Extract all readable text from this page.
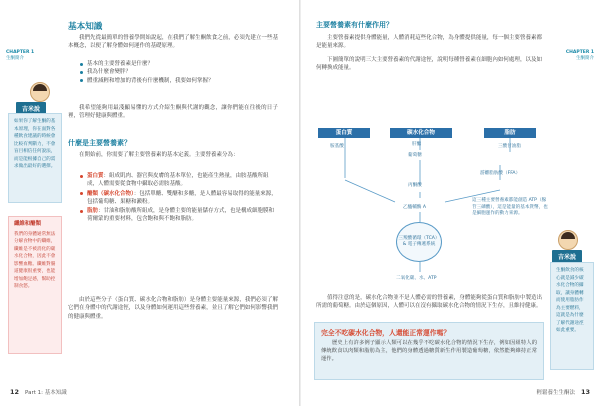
CHAPTER 1
生酮簡介
吉米說
如果你了解生酮的基本原理，你在面對各種飲食建議的時候會比較有判斷力，不會盲目相信任何說法，而是能根據自己的需求做出最好的選擇。
纖維和醣類
我們的身體通常無法分解食物中的纖維，纖維是不被消化的碳水化合物，因此不會影響血糖。纖維對腸道健康很重要，也能增加飽足感，幫助控制食慾。
基本知識

我們先從最簡單的營養學開始說起，在我們了解生酮飲食之前，必須先建立一些基本概念，以便了解身體如何運作的基礎原理。

基本的主要營養素是什麼？
我為什麼會變胖？
體重減輕和增加的背後有什麼機制，我要如何掌握？

我希望能夠用最淺顯易懂的方式介紹生酮與代謝的觀念，讓你們能在往後的日子裡，管理好健康與體重。

什麼是主要營養素？

在開始前，你需要了解主要營養素的基本定義。主要營養素分為：

蛋白質：組成肌肉、器官與皮膚的基本單位，也能產生熱量，由胺基酸所組成，人體需要從食物中攝取必需胺基酸。
醣類（碳水化合物）：包括單醣、雙醣和多醣，是人體最容易取得的能量來源，包括葡萄糖、果糖和澱粉。
脂肪：甘油和脂肪酸所組成，是身體主要的能量儲存方式，也是構成細胞膜和荷爾蒙的重要材料，包含飽和與不飽和脂肪。

由於這些分子（蛋白質、碳水化合物和脂肪）是身體主要能量來源，我們必須了解它們在身體中的代謝途徑，以及身體如何運用這些營養素，並且了解它們如何影響我們的健康與體重。

12 Part 1: 基本知識
CHAPTER 1
生酮簡介
主要營養素有什麼作用？

主要營養素提供身體能量，人體消耗這些化合物，為身體提供能量，每一個主要營養素都是能量來源。

下圖簡單的說明三大主要營養素的代謝途徑，說明每種營養素在細胞內如何處理，以及如何轉換成能量。

蛋白質	碳水化合物	脂肪
胺基酸	肝醣
葡萄糖
丙酮酸
三酸甘油脂
游離脂肪酸（FFA）
乙醯輔酶 A
三羧酸循環（TCA）& 電子傳遞系統
二氧化碳、水、ATP
這三種主要營養素都能創造 ATP（腺苷三磷酸），這是能量的基本貨幣，也是細胞運作的動力來源。

值得注意的是，碳水化合物並不是人體必需的營養素，身體能夠從蛋白質和脂肪中製造出所需的葡萄糖。由於這個原因，人體可以在沒有攝取碳水化合物的情況下生存，且維持健康。

完全不吃碳水化合物，人還能正常運作嗎？
歷史上有許多例子顯示人類可以在幾乎不吃碳水化合物的情況下生存，例如因紐特人的傳統飲食以肉類和脂肪為主，他們的身體透過糖質新生作用製造葡萄糖，依然能夠維持正常運作。
吉米說
生酮飲食的核心就是減少碳水化合物的攝取，讓身體轉而使用脂肪作為主要燃料，這就是為什麼了解代謝途徑如此重要。
輕鬆養生生酮法 13
